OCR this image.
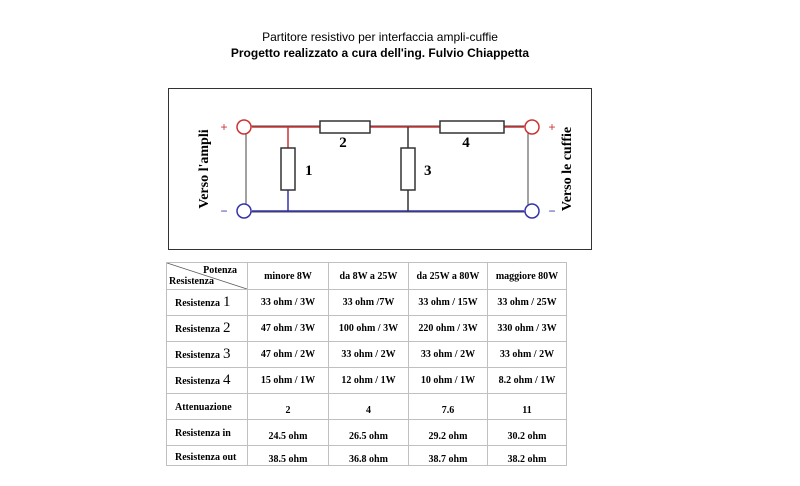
Partitore resistivo per interfaccia ampli-cuffie
Progetto realizzato a cura dell'ing. Fulvio Chiappetta
2	4
1	3
+
−
+
−
Verso l'ampli	Verso le cuffie
Potenza
Resistenza	minore 8W	da 8W a 25W	da 25W a 80W	maggiore 80W
Resistenza 1	33 ohm / 3W	33 ohm /7W	33 ohm / 15W	33 ohm / 25W
Resistenza 2	47 ohm / 3W	100 ohm / 3W	220 ohm / 3W	330 ohm / 3W
Resistenza 3	47 ohm / 2W	33 ohm / 2W	33 ohm / 2W	33 ohm / 2W
Resistenza 4	15 ohm / 1W	12 ohm / 1W	10 ohm / 1W	8.2 ohm / 1W
Attenuazione	2	4	7.6	11
Resistenza in	24.5 ohm	26.5 ohm	29.2 ohm	30.2 ohm
Resistenza out	38.5 ohm	36.8 ohm	38.7 ohm	38.2 ohm
